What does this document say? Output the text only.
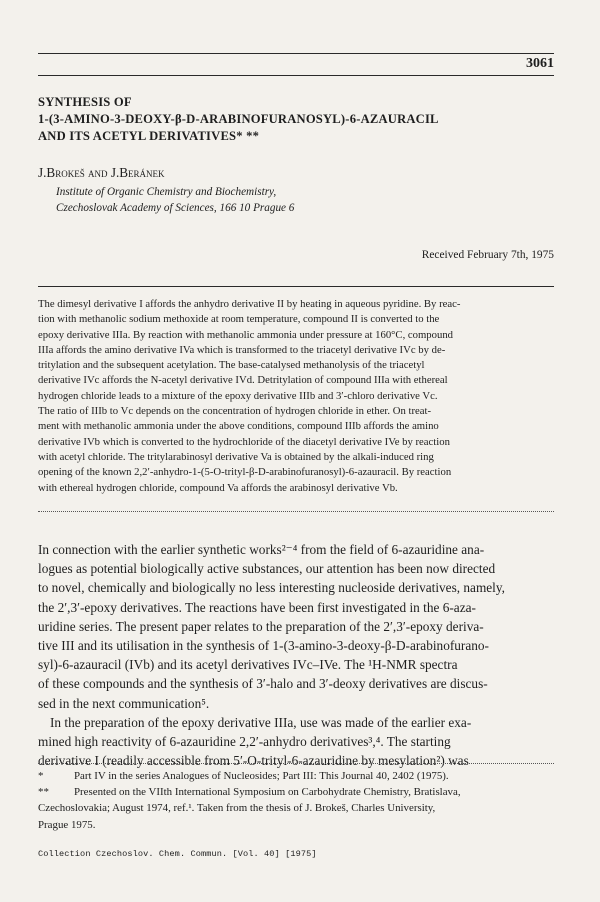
3061
SYNTHESIS OF
1-(3-AMINO-3-DEOXY-β-D-ARABINOFURANOSYL)-6-AZAURACIL
AND ITS ACETYL DERIVATIVES* **
J.Brokeš and J.Beránek
Institute of Organic Chemistry and Biochemistry,
Czechoslovak Academy of Sciences, 166 10 Prague 6
Received February 7th, 1975
The dimesyl derivative I affords the anhydro derivative II by heating in aqueous pyridine. By reac-
tion with methanolic sodium methoxide at room temperature, compound II is converted to the
epoxy derivative IIIa. By reaction with methanolic ammonia under pressure at 160°C, compound
IIIa affords the amino derivative IVa which is transformed to the triacetyl derivative IVc by de-
tritylation and the subsequent acetylation. The base-catalysed methanolysis of the triacetyl
derivative IVc affords the N-acetyl derivative IVd. Detritylation of compound IIIa with ethereal
hydrogen chloride leads to a mixture of the epoxy derivative IIIb and 3′-chloro derivative Vc.
The ratio of IIIb to Vc depends on the concentration of hydrogen chloride in ether. On treat-
ment with methanolic ammonia under the above conditions, compound IIIb affords the amino
derivative IVb which is converted to the hydrochloride of the diacetyl derivative IVe by reaction
with acetyl chloride. The tritylarabinosyl derivative Va is obtained by the alkali-induced ring
opening of the known 2,2′-anhydro-1-(5-O-trityl-β-D-arabinofuranosyl)-6-azauracil. By reaction
with ethereal hydrogen chloride, compound Va affords the arabinosyl derivative Vb.
In connection with the earlier synthetic works²⁻⁴ from the field of 6-azauridine ana-
logues as potential biologically active substances, our attention has been now directed
to novel, chemically and biologically no less interesting nucleoside derivatives, namely,
the 2′,3′-epoxy derivatives. The reactions have been first investigated in the 6-aza-
uridine series. The present paper relates to the preparation of the 2′,3′-epoxy deriva-
tive III and its utilisation in the synthesis of 1-(3-amino-3-deoxy-β-D-arabinofurano-
syl)-6-azauracil (IVb) and its acetyl derivatives IVc–IVe. The ¹H-NMR spectra
of these compounds and the synthesis of 3′-halo and 3′-deoxy derivatives are discus-
sed in the next communication⁵.
In the preparation of the epoxy derivative IIIa, use was made of the earlier exa-
mined high reactivity of 6-azauridine 2,2′-anhydro derivatives³,⁴. The starting
derivative I (readily accessible from 5′-O-trityl-6-azauridine by mesylation²) was
*	Part IV in the series Analogues of Nucleosides; Part III: This Journal 40, 2402 (1975).
** Presented on the VIIth International Symposium on Carbohydrate Chemistry, Bratislava,
Czechoslovakia; August 1974, ref.¹. Taken from the thesis of J. Brokeš, Charles University,
Prague 1975.
Collection Czechoslov. Chem. Commun. [Vol. 40] [1975]
